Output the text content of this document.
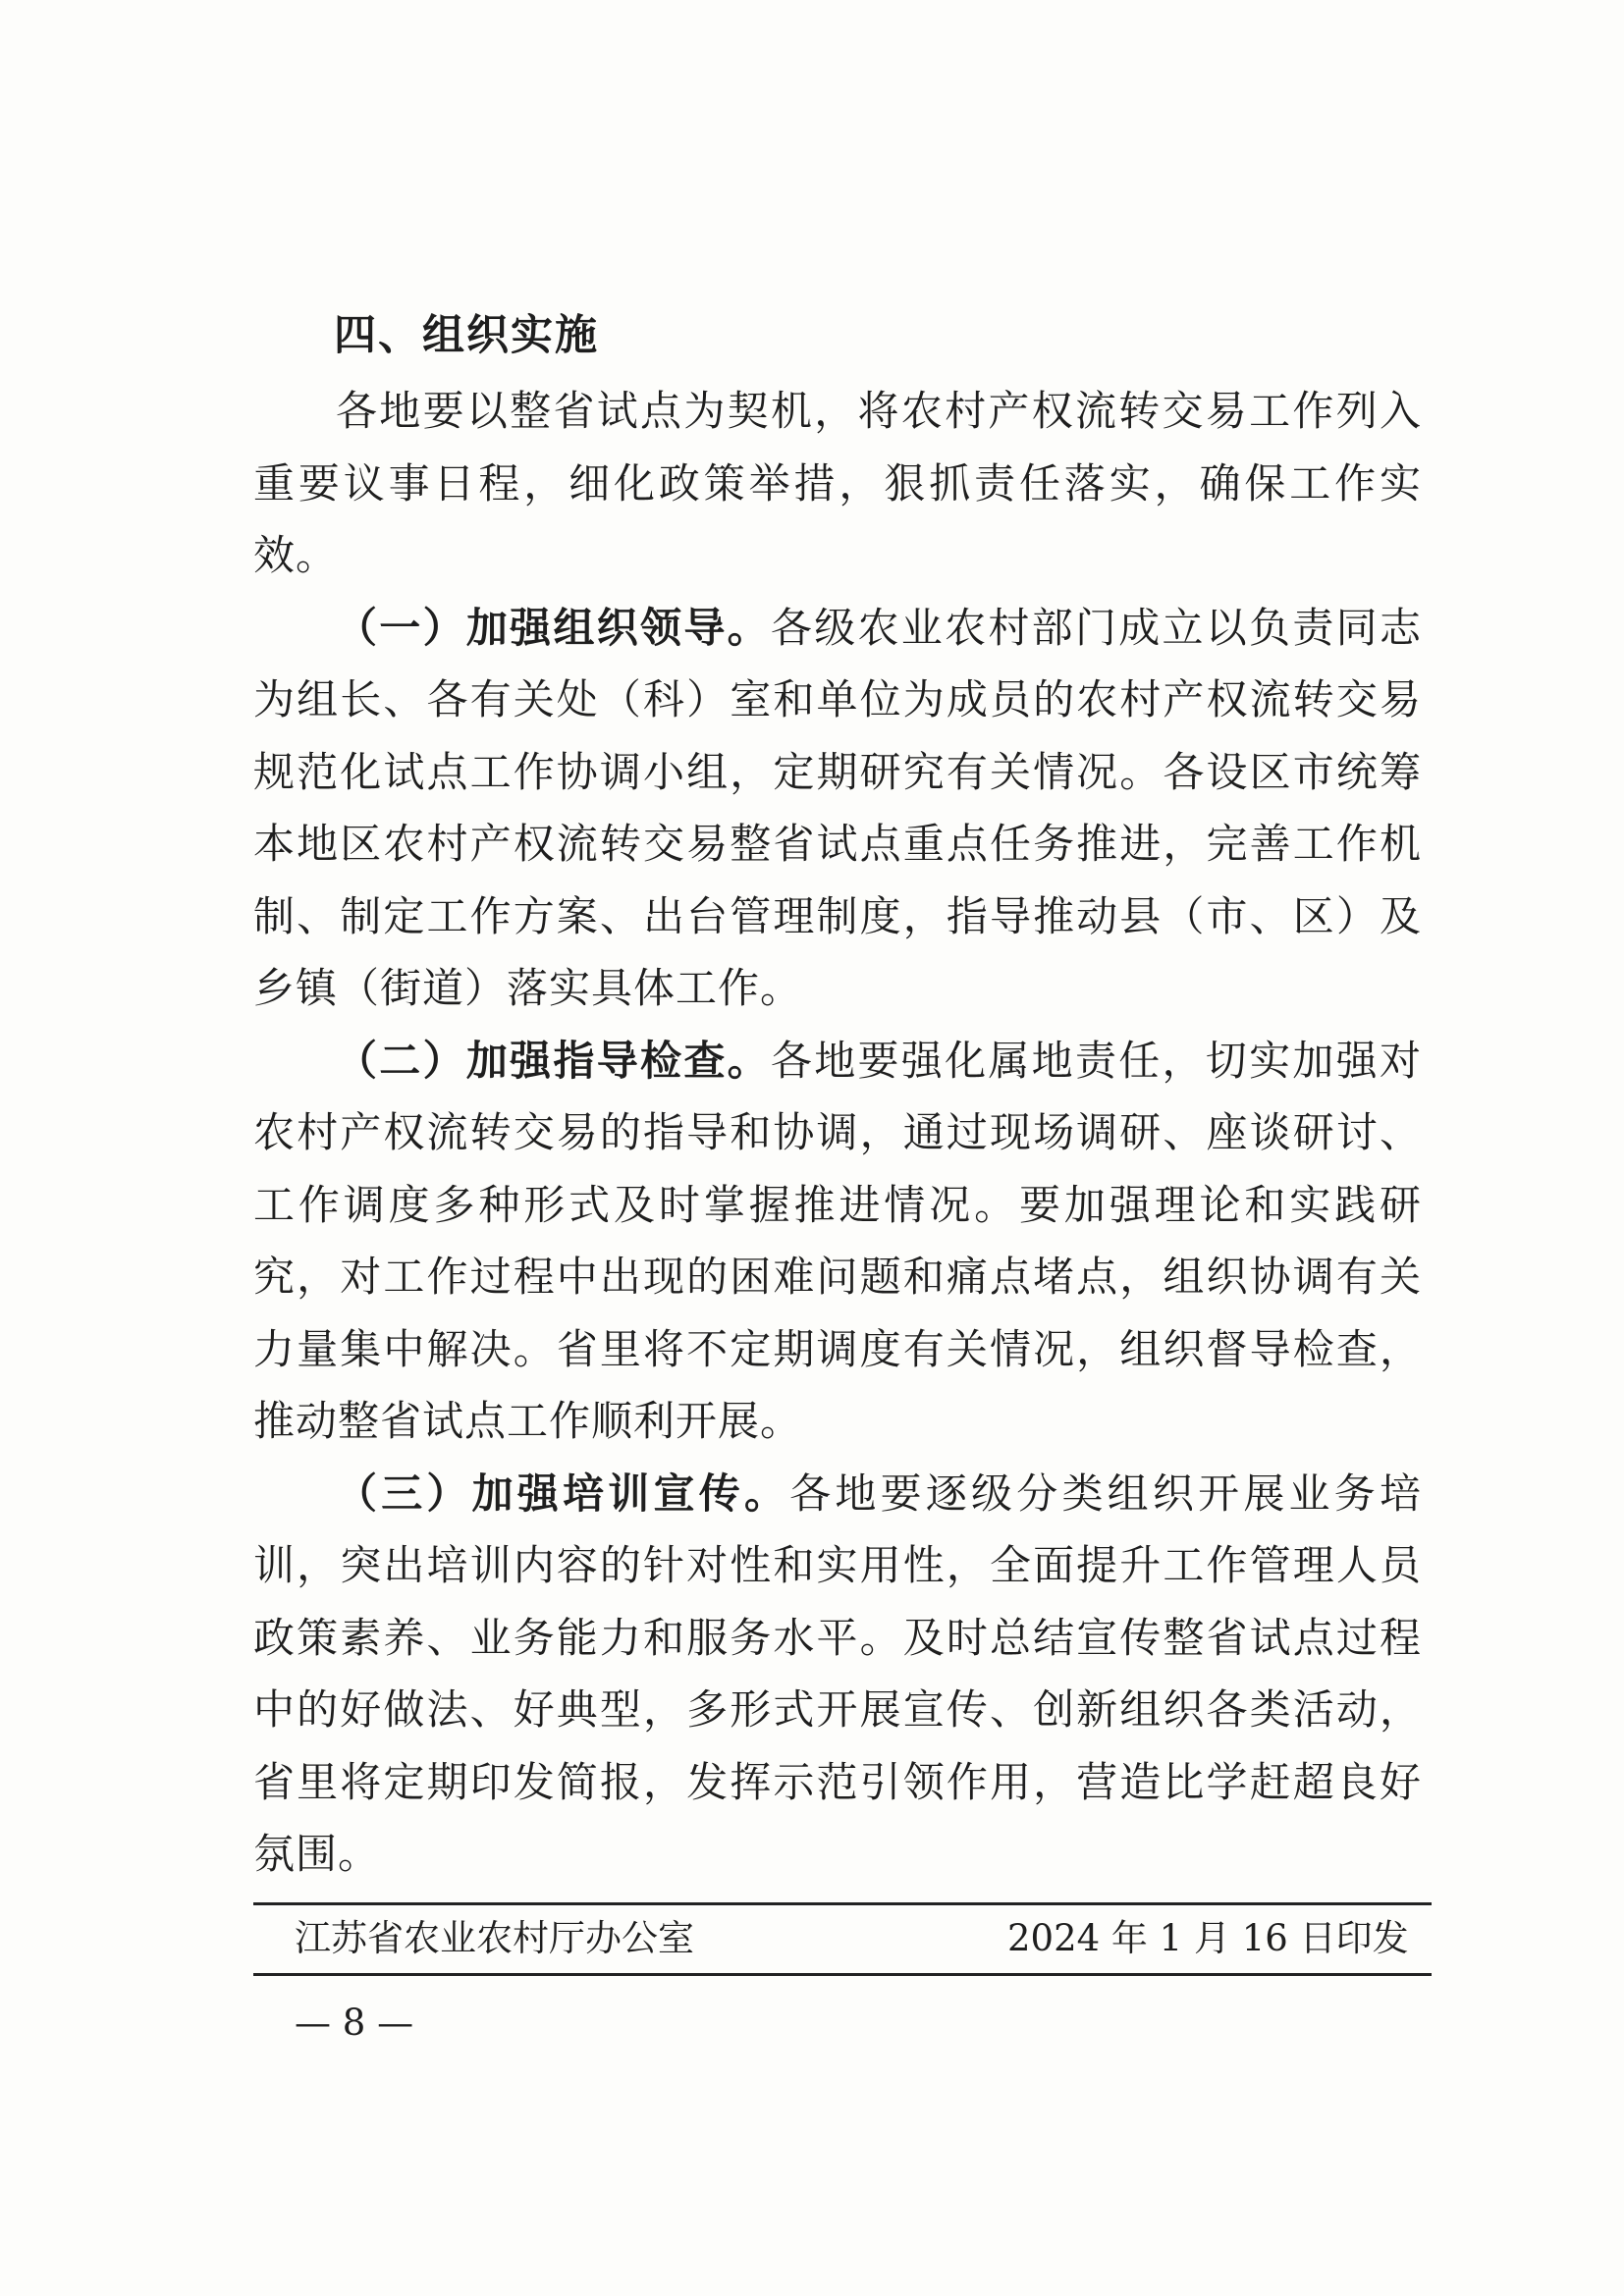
四、组织实施

各地要以整省试点为契机，将农村产权流转交易工作列入重要议事日程，细化政策举措，狠抓责任落实，确保工作实效。

（一）加强组织领导。各级农业农村部门成立以负责同志为组长、各有关处（科）室和单位为成员的农村产权流转交易规范化试点工作协调小组，定期研究有关情况。各设区市统筹本地区农村产权流转交易整省试点重点任务推进，完善工作机制、制定工作方案、出台管理制度，指导推动县（市、区）及乡镇（街道）落实具体工作。

（二）加强指导检查。各地要强化属地责任，切实加强对农村产权流转交易的指导和协调，通过现场调研、座谈研讨、工作调度多种形式及时掌握推进情况。要加强理论和实践研究，对工作过程中出现的困难问题和痛点堵点，组织协调有关力量集中解决。省里将不定期调度有关情况，组织督导检查，推动整省试点工作顺利开展。

（三）加强培训宣传。各地要逐级分类组织开展业务培训，突出培训内容的针对性和实用性，全面提升工作管理人员政策素养、业务能力和服务水平。及时总结宣传整省试点过程中的好做法、好典型，多形式开展宣传、创新组织各类活动，省里将定期印发简报，发挥示范引领作用，营造比学赶超良好氛围。

江苏省农业农村厅办公室	2024 年 1 月 16 日印发
— 8 —
